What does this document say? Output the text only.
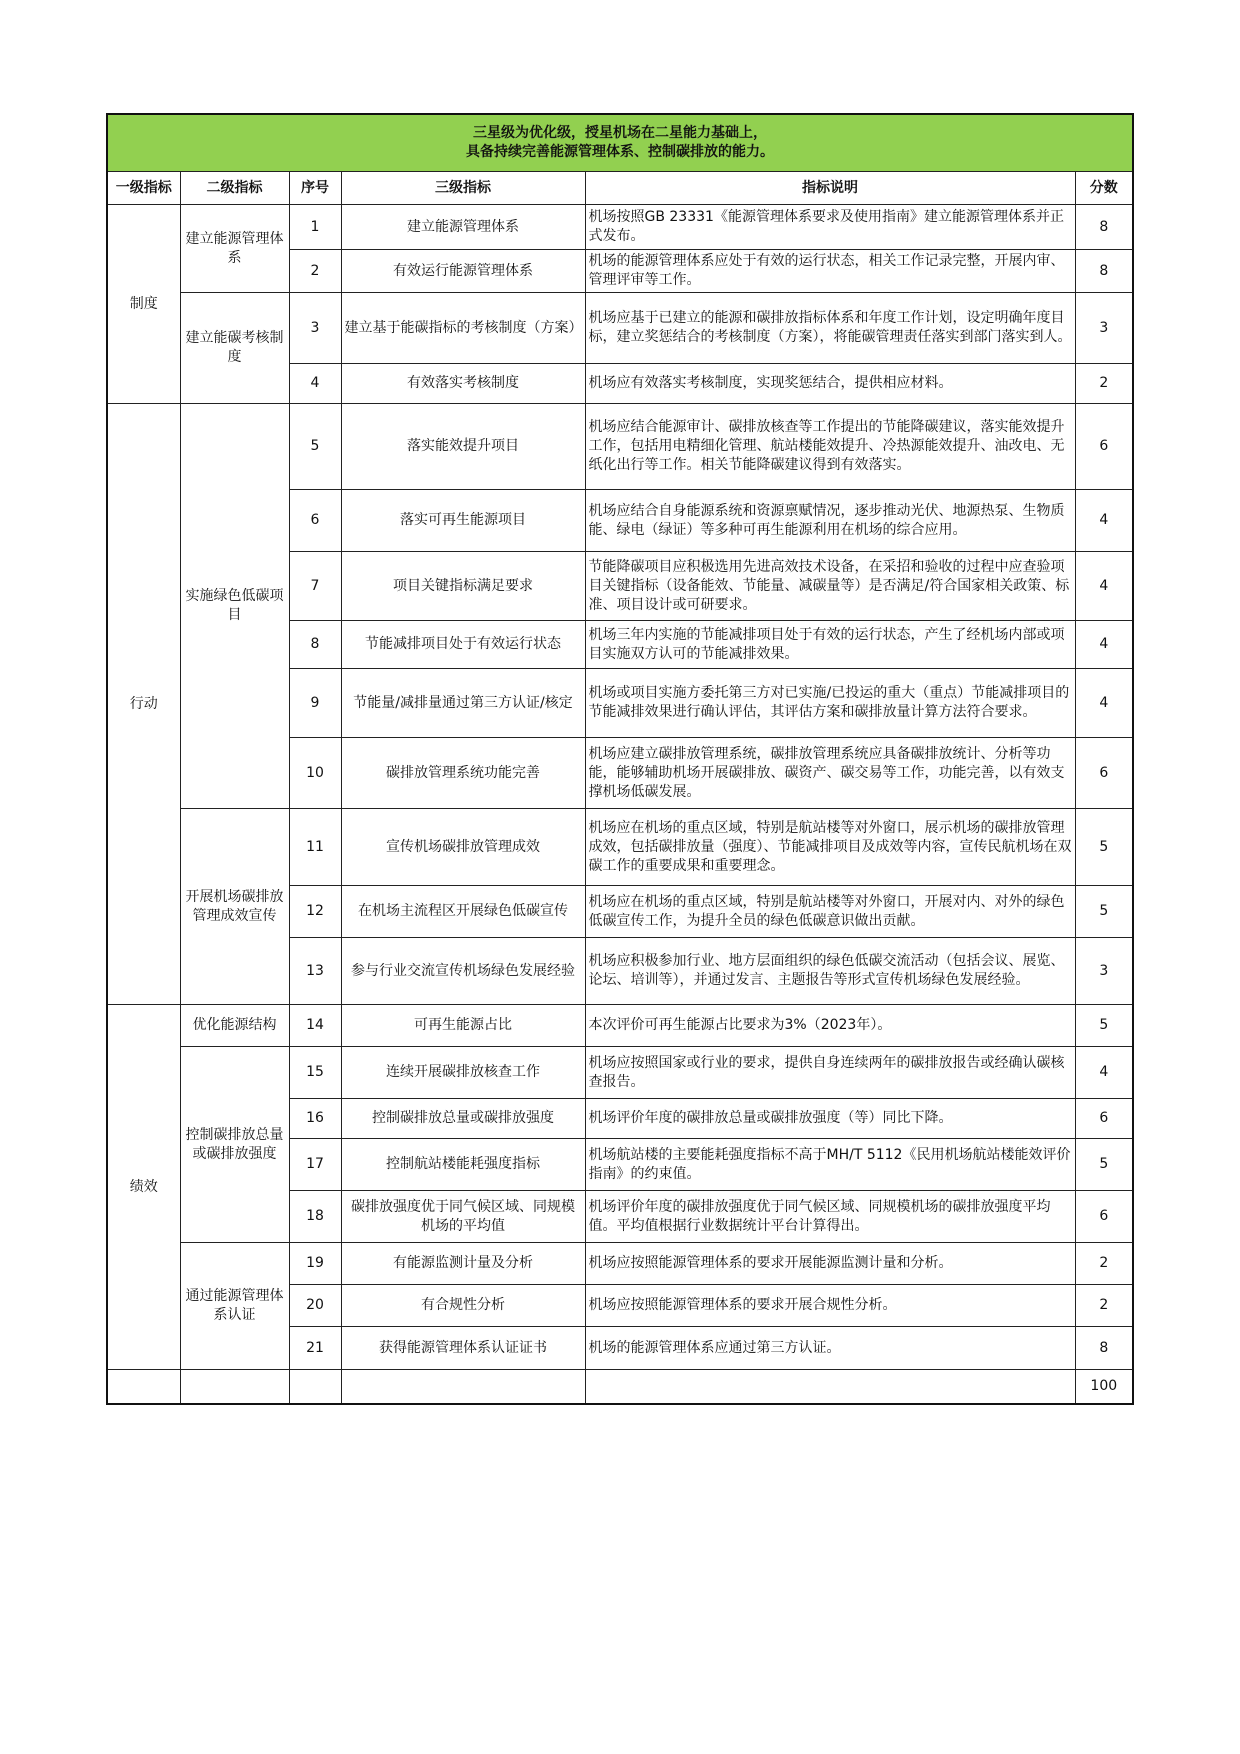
三星级为优化级，授星机场在二星能力基础上，
具备持续完善能源管理体系、控制碳排放的能力。					

一级指标	二级指标	序号	三级指标	指标说明	分数
制度	建立能源管理体系	1	建立能源管理体系	机场按照GB 23331《能源管理体系要求及使用指南》建立能源管理体系并正式发布。	8
		2	有效运行能源管理体系	机场的能源管理体系应处于有效的运行状态，相关工作记录完整，开展内审、管理评审等工作。	8
	建立能碳考核制度	3	建立基于能碳指标的考核制度（方案）	机场应基于已建立的能源和碳排放指标体系和年度工作计划，设定明确年度目标，建立奖惩结合的考核制度（方案），将能碳管理责任落实到部门落实到人。	3
		4	有效落实考核制度	机场应有效落实考核制度，实现奖惩结合，提供相应材料。	2
行动	实施绿色低碳项目	5	落实能效提升项目	机场应结合能源审计、碳排放核查等工作提出的节能降碳建议，落实能效提升工作，包括用电精细化管理、航站楼能效提升、冷热源能效提升、油改电、无纸化出行等工作。相关节能降碳建议得到有效落实。	6
		6	落实可再生能源项目	机场应结合自身能源系统和资源禀赋情况，逐步推动光伏、地源热泵、生物质能、绿电（绿证）等多种可再生能源利用在机场的综合应用。	4
		7	项目关键指标满足要求	节能降碳项目应积极选用先进高效技术设备，在采招和验收的过程中应查验项目关键指标（设备能效、节能量、减碳量等）是否满足/符合国家相关政策、标准、项目设计或可研要求。	4
		8	节能减排项目处于有效运行状态	机场三年内实施的节能减排项目处于有效的运行状态，产生了经机场内部或项目实施双方认可的节能减排效果。	4
		9	节能量/减排量通过第三方认证/核定	机场或项目实施方委托第三方对已实施/已投运的重大（重点）节能减排项目的节能减排效果进行确认评估，其评估方案和碳排放量计算方法符合要求。	4
		10	碳排放管理系统功能完善	机场应建立碳排放管理系统，碳排放管理系统应具备碳排放统计、分析等功能，能够辅助机场开展碳排放、碳资产、碳交易等工作，功能完善，以有效支撑机场低碳发展。	6
	开展机场碳排放管理成效宣传	11	宣传机场碳排放管理成效	机场应在机场的重点区域，特别是航站楼等对外窗口，展示机场的碳排放管理成效，包括碳排放量（强度）、节能减排项目及成效等内容，宣传民航机场在双碳工作的重要成果和重要理念。	5
		12	在机场主流程区开展绿色低碳宣传	机场应在机场的重点区域，特别是航站楼等对外窗口，开展对内、对外的绿色低碳宣传工作，为提升全员的绿色低碳意识做出贡献。	5
		13	参与行业交流宣传机场绿色发展经验	机场应积极参加行业、地方层面组织的绿色低碳交流活动（包括会议、展览、论坛、培训等），并通过发言、主题报告等形式宣传机场绿色发展经验。	3
绩效	优化能源结构	14	可再生能源占比	本次评价可再生能源占比要求为3%（2023年）。	5
	控制碳排放总量或碳排放强度	15	连续开展碳排放核查工作	机场应按照国家或行业的要求，提供自身连续两年的碳排放报告或经确认碳核查报告。	4
		16	控制碳排放总量或碳排放强度	机场评价年度的碳排放总量或碳排放强度（等）同比下降。	6
		17	控制航站楼能耗强度指标	机场航站楼的主要能耗强度指标不高于MH/T 5112《民用机场航站楼能效评价指南》的约束值。	5
		18	碳排放强度优于同气候区域、同规模机场的平均值	机场评价年度的碳排放强度优于同气候区域、同规模机场的碳排放强度平均值。平均值根据行业数据统计平台计算得出。	6
	通过能源管理体系认证	19	有能源监测计量及分析	机场应按照能源管理体系的要求开展能源监测计量和分析。	2
		20	有合规性分析	机场应按照能源管理体系的要求开展合规性分析。	2
		21	获得能源管理体系认证证书	机场的能源管理体系应通过第三方认证。	8
					100
